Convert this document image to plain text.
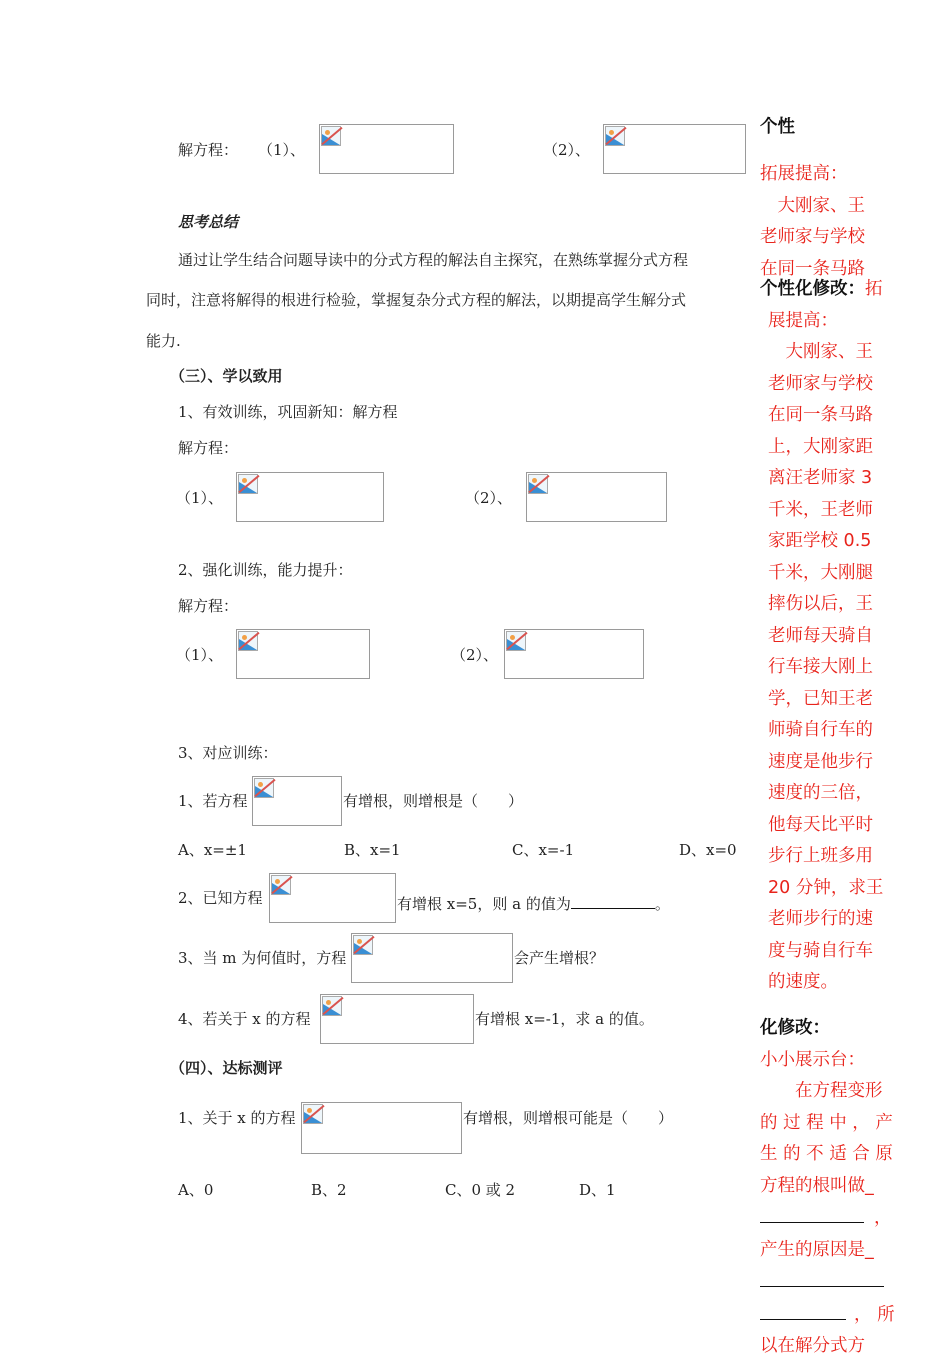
解方程： （1）、	（2）、
思考总结
通过让学生结合问题导读中的分式方程的解法自主探究，在熟练掌握分式方程
同时，注意将解得的根进行检验，掌握复杂分式方程的解法，以期提高学生解分式
能力.
（三）、学以致用
1、有效训练，巩固新知：解方程
解方程：
（1）、	（2）、
2、强化训练，能力提升：
解方程：
（1）、	（2）、
3、对应训练：
1、若方程	有增根，则增根是（　　）
A、x=±1	B、x=1	C、x=-1	D、x=0
2、已知方程	有增根 x=5，则 a 的值为	。
3、当 m 为何值时，方程	会产生增根？
4、若关于 x 的方程	有增根 x=-1，求 a 的值。
（四）、达标测评
1、关于 x 的方程	有增根，则增根可能是（　　）
A、0	B、2	C、0 或 2	D、1
个性
拓展提高：
　大刚家、王
老师家与学校
在同一条马路
个性化修改：拓
展提高：
　大刚家、王
老师家与学校
在同一条马路
上，大刚家距
离汪老师家 3
千米，王老师
家距学校 0.5
千米，大刚腿
摔伤以后，王
老师每天骑自
行车接大刚上
学，已知王老
师骑自行车的
速度是他步行
速度的三倍，
他每天比平时
步行上班多用
20 分钟，求王
老师步行的速
度与骑自行车
的速度。
化修改：
小小展示台：
　　在方程变形
的 过 程 中 ， 产
生 的 不 适 合 原
方程的根叫做_
，
产生的原因是_
， 所
以在解分式方
